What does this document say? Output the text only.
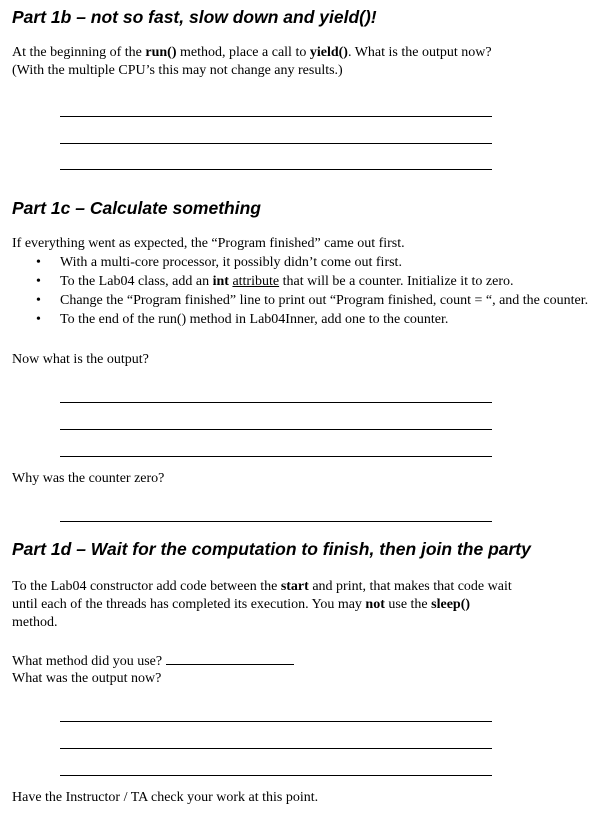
Part 1b – not so fast, slow down and yield()!

At the beginning of the run() method, place a call to yield(). What is the output now?

(With the multiple CPU’s this may not change any results.)

Part 1c – Calculate something

If everything went as expected, the “Program finished” came out first.

• With a multi-core processor, it possibly didn’t come out first.
• To the Lab04 class, add an int attribute that will be a counter. Initialize it to zero.
• Change the “Program finished” line to print out “Program finished, count = “, and the counter.
• To the end of the run() method in Lab04Inner, add one to the counter.

Now what is the output?

Why was the counter zero?

Part 1d – Wait for the computation to finish, then join the party

To the Lab04 constructor add code between the start and print, that makes that code wait

until each of the threads has completed its execution. You may not use the sleep()

method.

What method did you use?

What was the output now?

Have the Instructor / TA check your work at this point.
